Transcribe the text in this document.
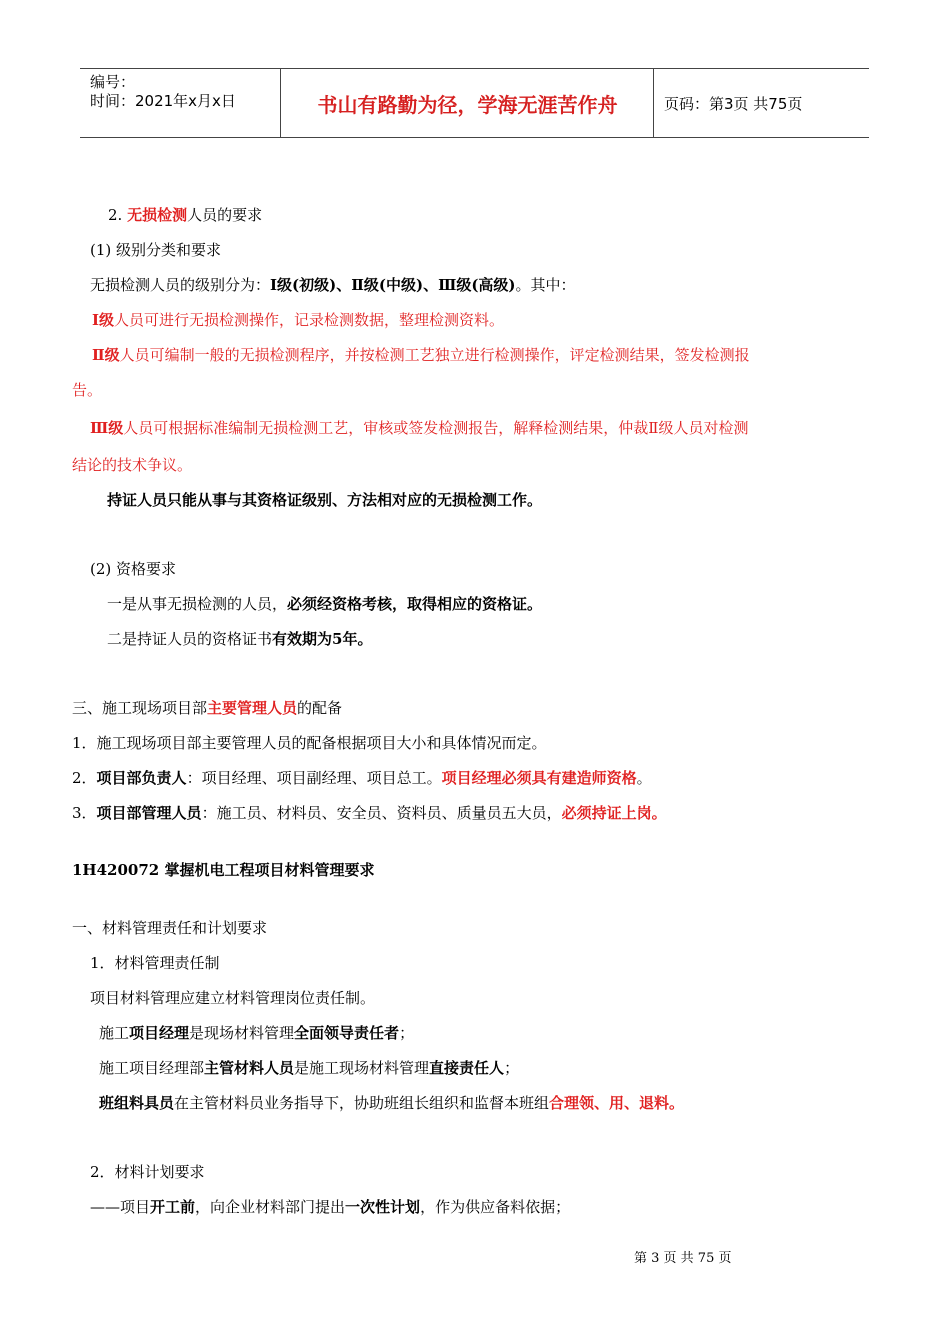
编号：
时间：2021年x月x日	书山有路勤为径，学海无涯苦作舟	页码：第3页 共75页
2. 无损检测人员的要求
(1) 级别分类和要求
无损检测人员的级别分为：Ⅰ级(初级)、Ⅱ级(中级)、Ⅲ级(高级)。其中：
Ⅰ级人员可进行无损检测操作，记录检测数据，整理检测资料。
Ⅱ级人员可编制一般的无损检测程序，并按检测工艺独立进行检测操作，评定检测结果，签发检测报
告。
Ⅲ级人员可根据标准编制无损检测工艺，审核或签发检测报告，解释检测结果，仲裁Ⅱ级人员对检测
结论的技术争议。
持证人员只能从事与其资格证级别、方法相对应的无损检测工作。
(2) 资格要求
一是从事无损检测的人员，必须经资格考核，取得相应的资格证。
二是持证人员的资格证书有效期为5年。
三、施工现场项目部主要管理人员的配备
1．施工现场项目部主要管理人员的配备根据项目大小和具体情况而定。
2．项目部负责人：项目经理、项目副经理、项目总工。项目经理必须具有建造师资格。
3．项目部管理人员：施工员、材料员、安全员、资料员、质量员五大员，必须持证上岗。
1H420072 掌握机电工程项目材料管理要求
一、材料管理责任和计划要求
1．材料管理责任制
项目材料管理应建立材料管理岗位责任制。
施工项目经理是现场材料管理全面领导责任者；
施工项目经理部主管材料人员是施工现场材料管理直接责任人；
班组料具员在主管材料员业务指导下，协助班组长组织和监督本班组合理领、用、退料。
2．材料计划要求
——项目开工前，向企业材料部门提出一次性计划，作为供应备料依据；
第 3 页 共 75 页
